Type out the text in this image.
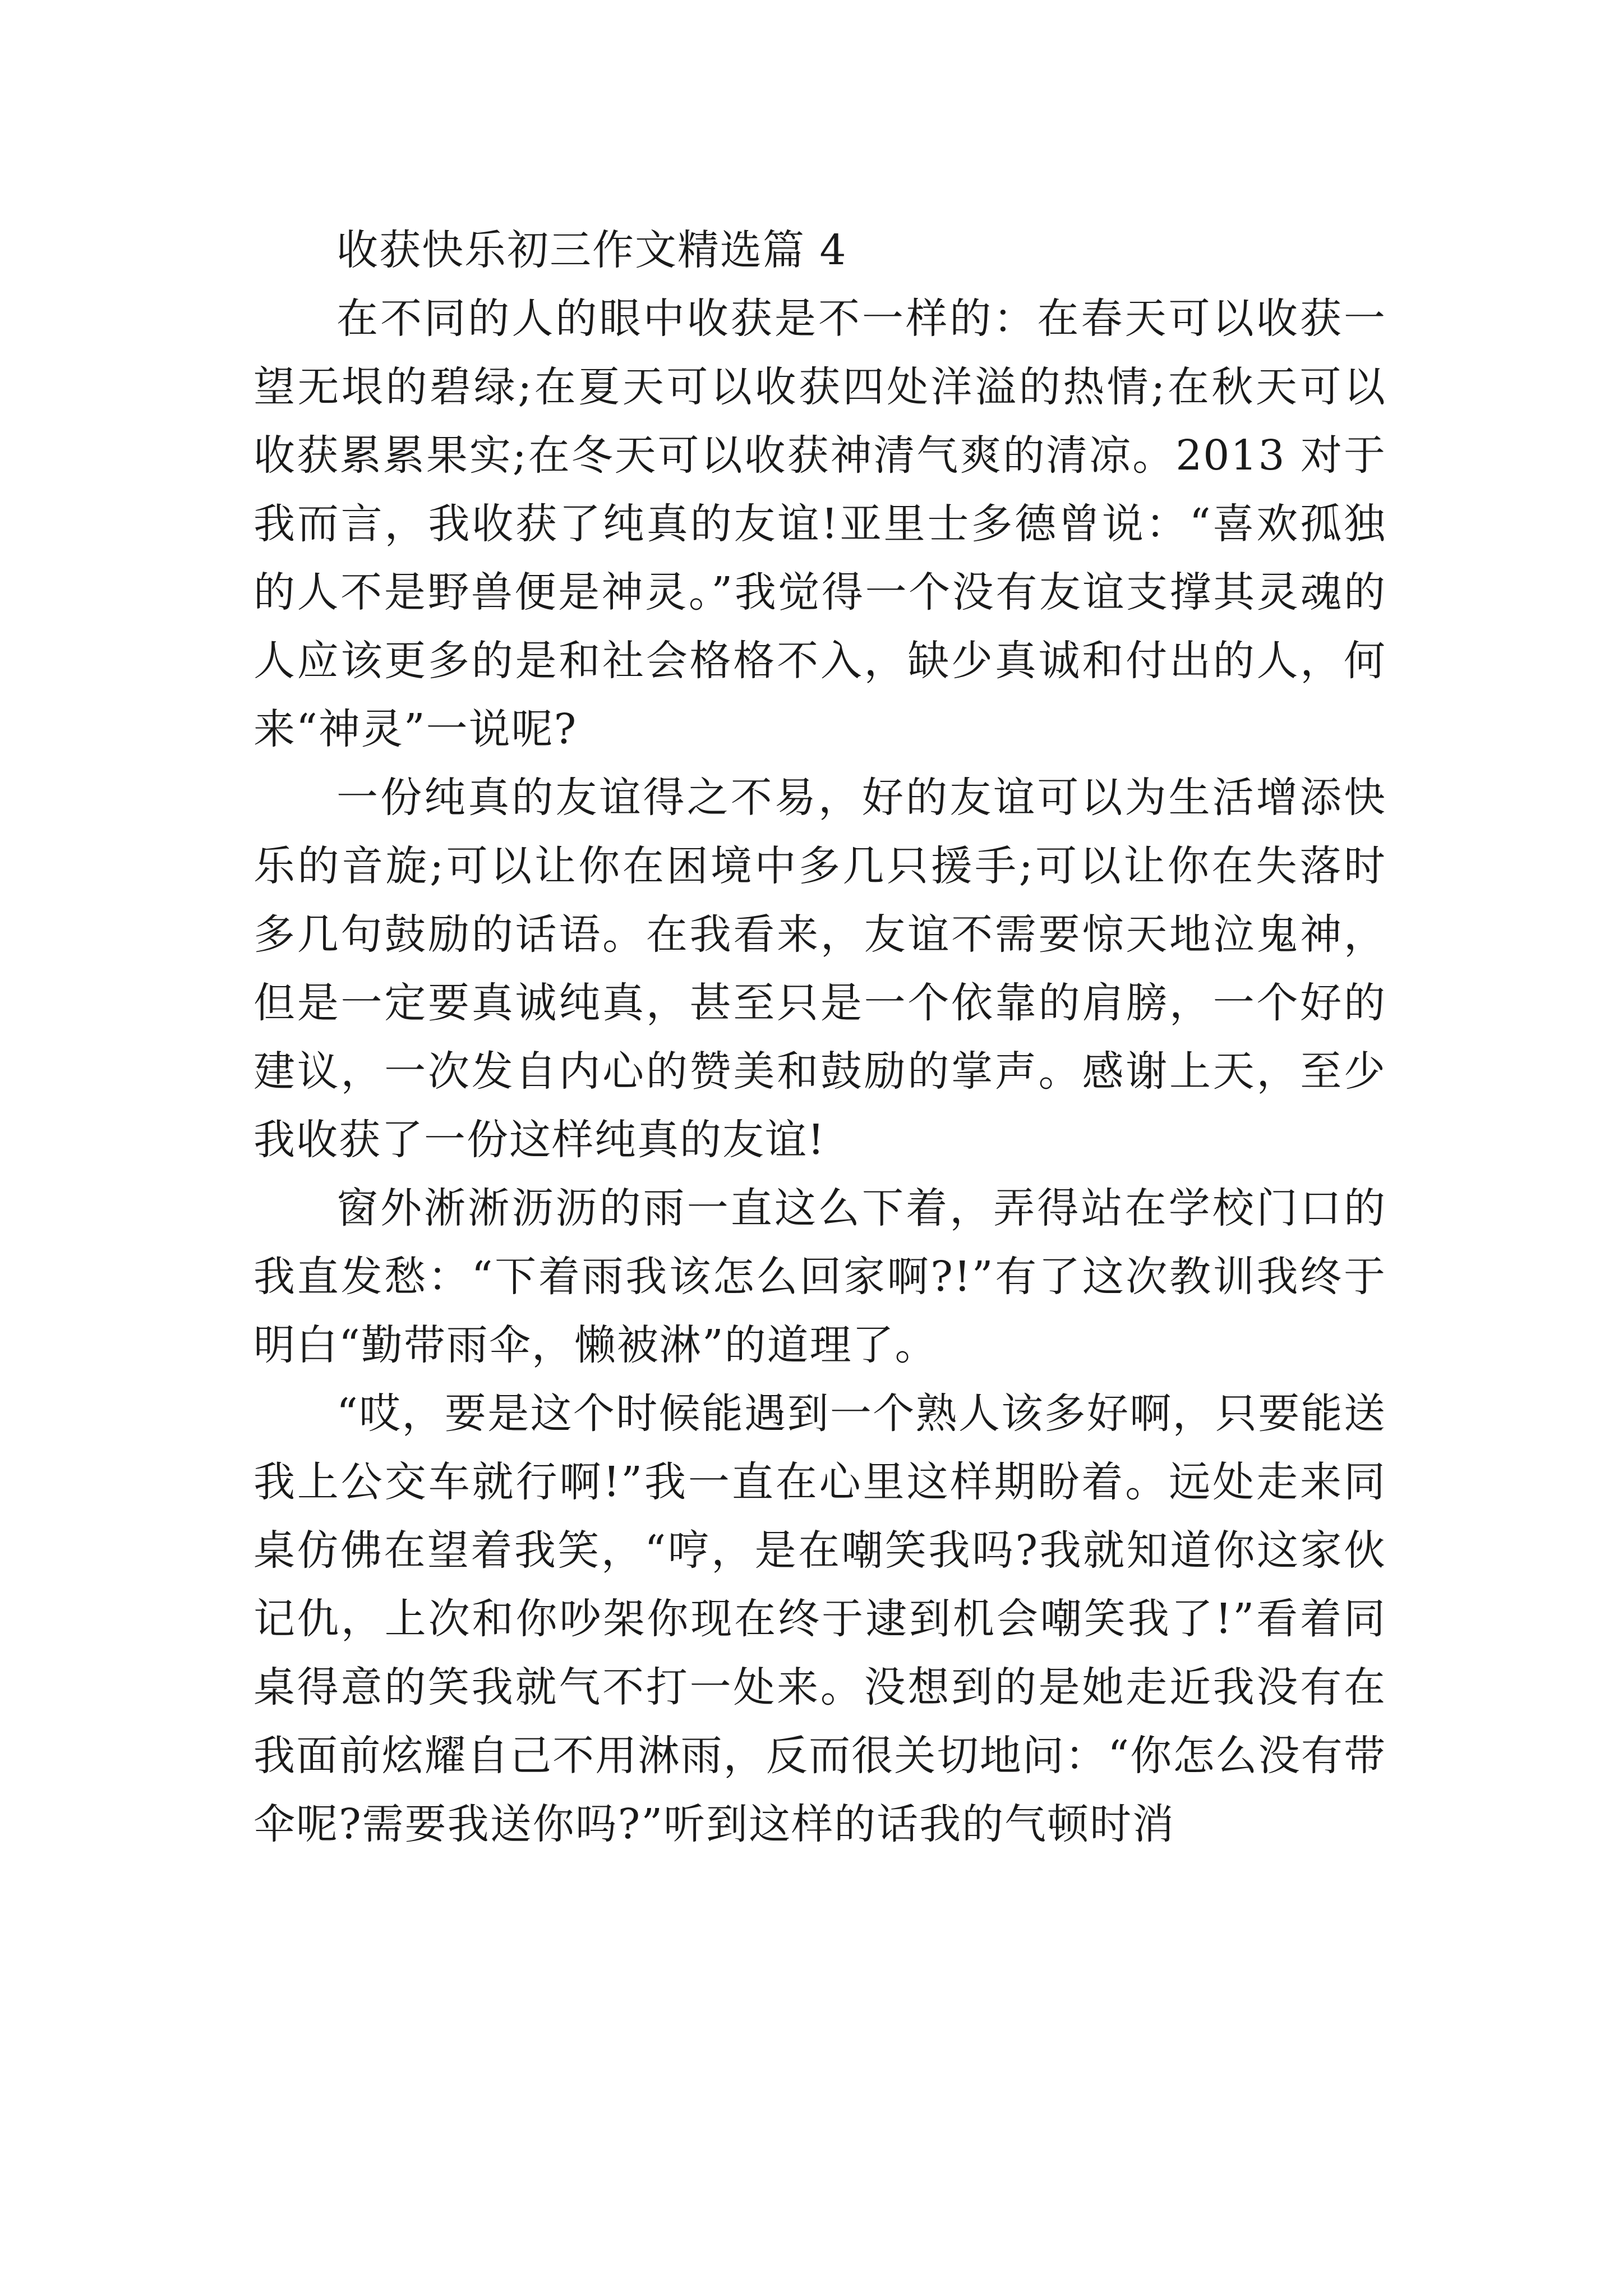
收获快乐初三作文精选篇 4

在不同的人的眼中收获是不一样的：在春天可以收获一望无垠的碧绿;在夏天可以收获四处洋溢的热情;在秋天可以收获累累果实;在冬天可以收获神清气爽的清凉。2013 对于我而言，我收获了纯真的友谊!亚里士多德曾说：“喜欢孤独的人不是野兽便是神灵。”我觉得一个没有友谊支撑其灵魂的人应该更多的是和社会格格不入，缺少真诚和付出的人，何来“神灵”一说呢?

一份纯真的友谊得之不易，好的友谊可以为生活增添快乐的音旋;可以让你在困境中多几只援手;可以让你在失落时多几句鼓励的话语。在我看来，友谊不需要惊天地泣鬼神，但是一定要真诚纯真，甚至只是一个依靠的肩膀，一个好的建议，一次发自内心的赞美和鼓励的掌声。感谢上天，至少我收获了一份这样纯真的友谊!

窗外淅淅沥沥的雨一直这么下着，弄得站在学校门口的我直发愁：“下着雨我该怎么回家啊?!”有了这次教训我终于明白“勤带雨伞，懒被淋”的道理了。

“哎，要是这个时候能遇到一个熟人该多好啊，只要能送我上公交车就行啊!”我一直在心里这样期盼着。远处走来同桌仿佛在望着我笑，“哼，是在嘲笑我吗?我就知道你这家伙记仇，上次和你吵架你现在终于逮到机会嘲笑我了!”看着同桌得意的笑我就气不打一处来。没想到的是她走近我没有在我面前炫耀自己不用淋雨，反而很关切地问：“你怎么没有带伞呢?需要我送你吗?”听到这样的话我的气顿时消
